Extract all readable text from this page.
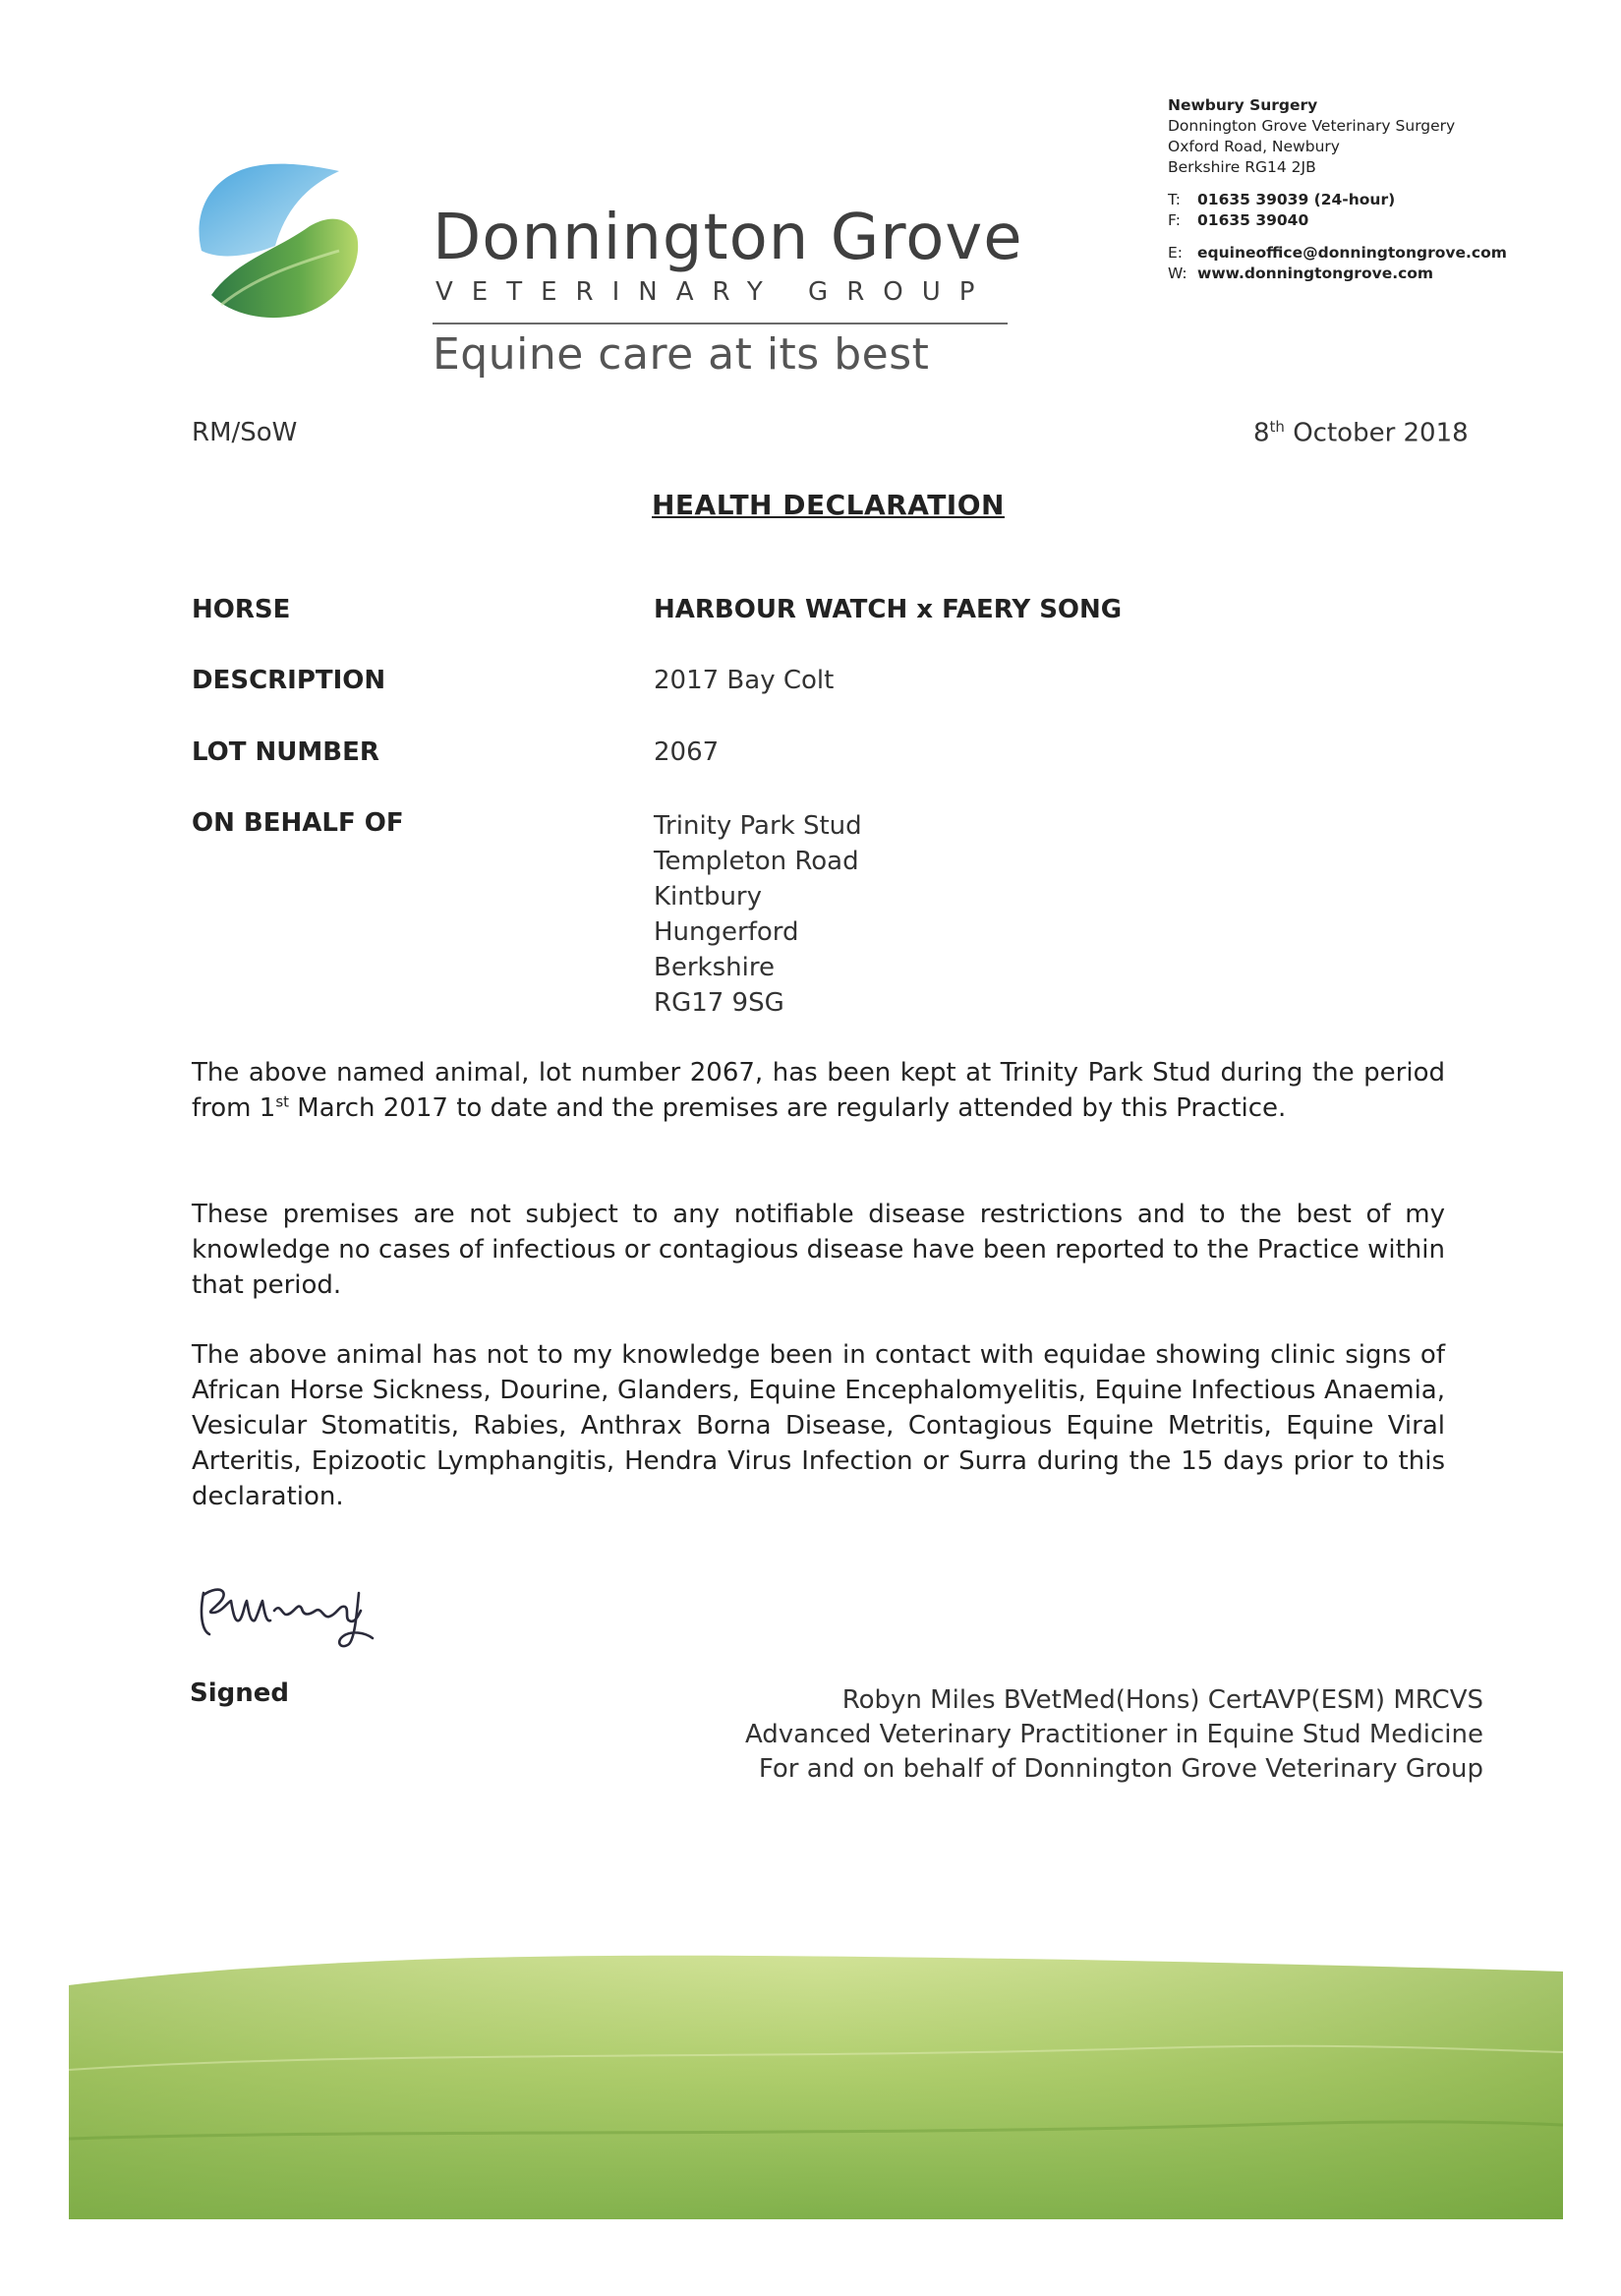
Donnington Grove
VETERINARY GROUP
Equine care at its best
Newbury Surgery
Donnington Grove Veterinary Surgery
Oxford Road, Newbury
Berkshire RG14 2JB
T: 01635 39039 (24-hour)
F: 01635 39040
E: equineoffice@donningtongrove.com
W: www.donningtongrove.com
RM/SoW	8th October 2018
HEALTH DECLARATION
HORSE	HARBOUR WATCH x FAERY SONG
DESCRIPTION	2017 Bay Colt
LOT NUMBER	2067
ON BEHALF OF	Trinity Park Stud
Templeton Road
Kintbury
Hungerford
Berkshire
RG17 9SG
The above named animal, lot number 2067, has been kept at Trinity Park Stud during the period from 1st March 2017 to date and the premises are regularly attended by this Practice.
These premises are not subject to any notifiable disease restrictions and to the best of my knowledge no cases of infectious or contagious disease have been reported to the Practice within that period.
The above animal has not to my knowledge been in contact with equidae showing clinic signs of African Horse Sickness, Dourine, Glanders, Equine Encephalomyelitis, Equine Infectious Anaemia, Vesicular Stomatitis, Rabies, Anthrax Borna Disease, Contagious Equine Metritis, Equine Viral Arteritis, Epizootic Lymphangitis, Hendra Virus Infection or Surra during the 15 days prior to this declaration.
Signed	Robyn Miles BVetMed(Hons) CertAVP(ESM) MRCVS
Advanced Veterinary Practitioner in Equine Stud Medicine
For and on behalf of Donnington Grove Veterinary Group
